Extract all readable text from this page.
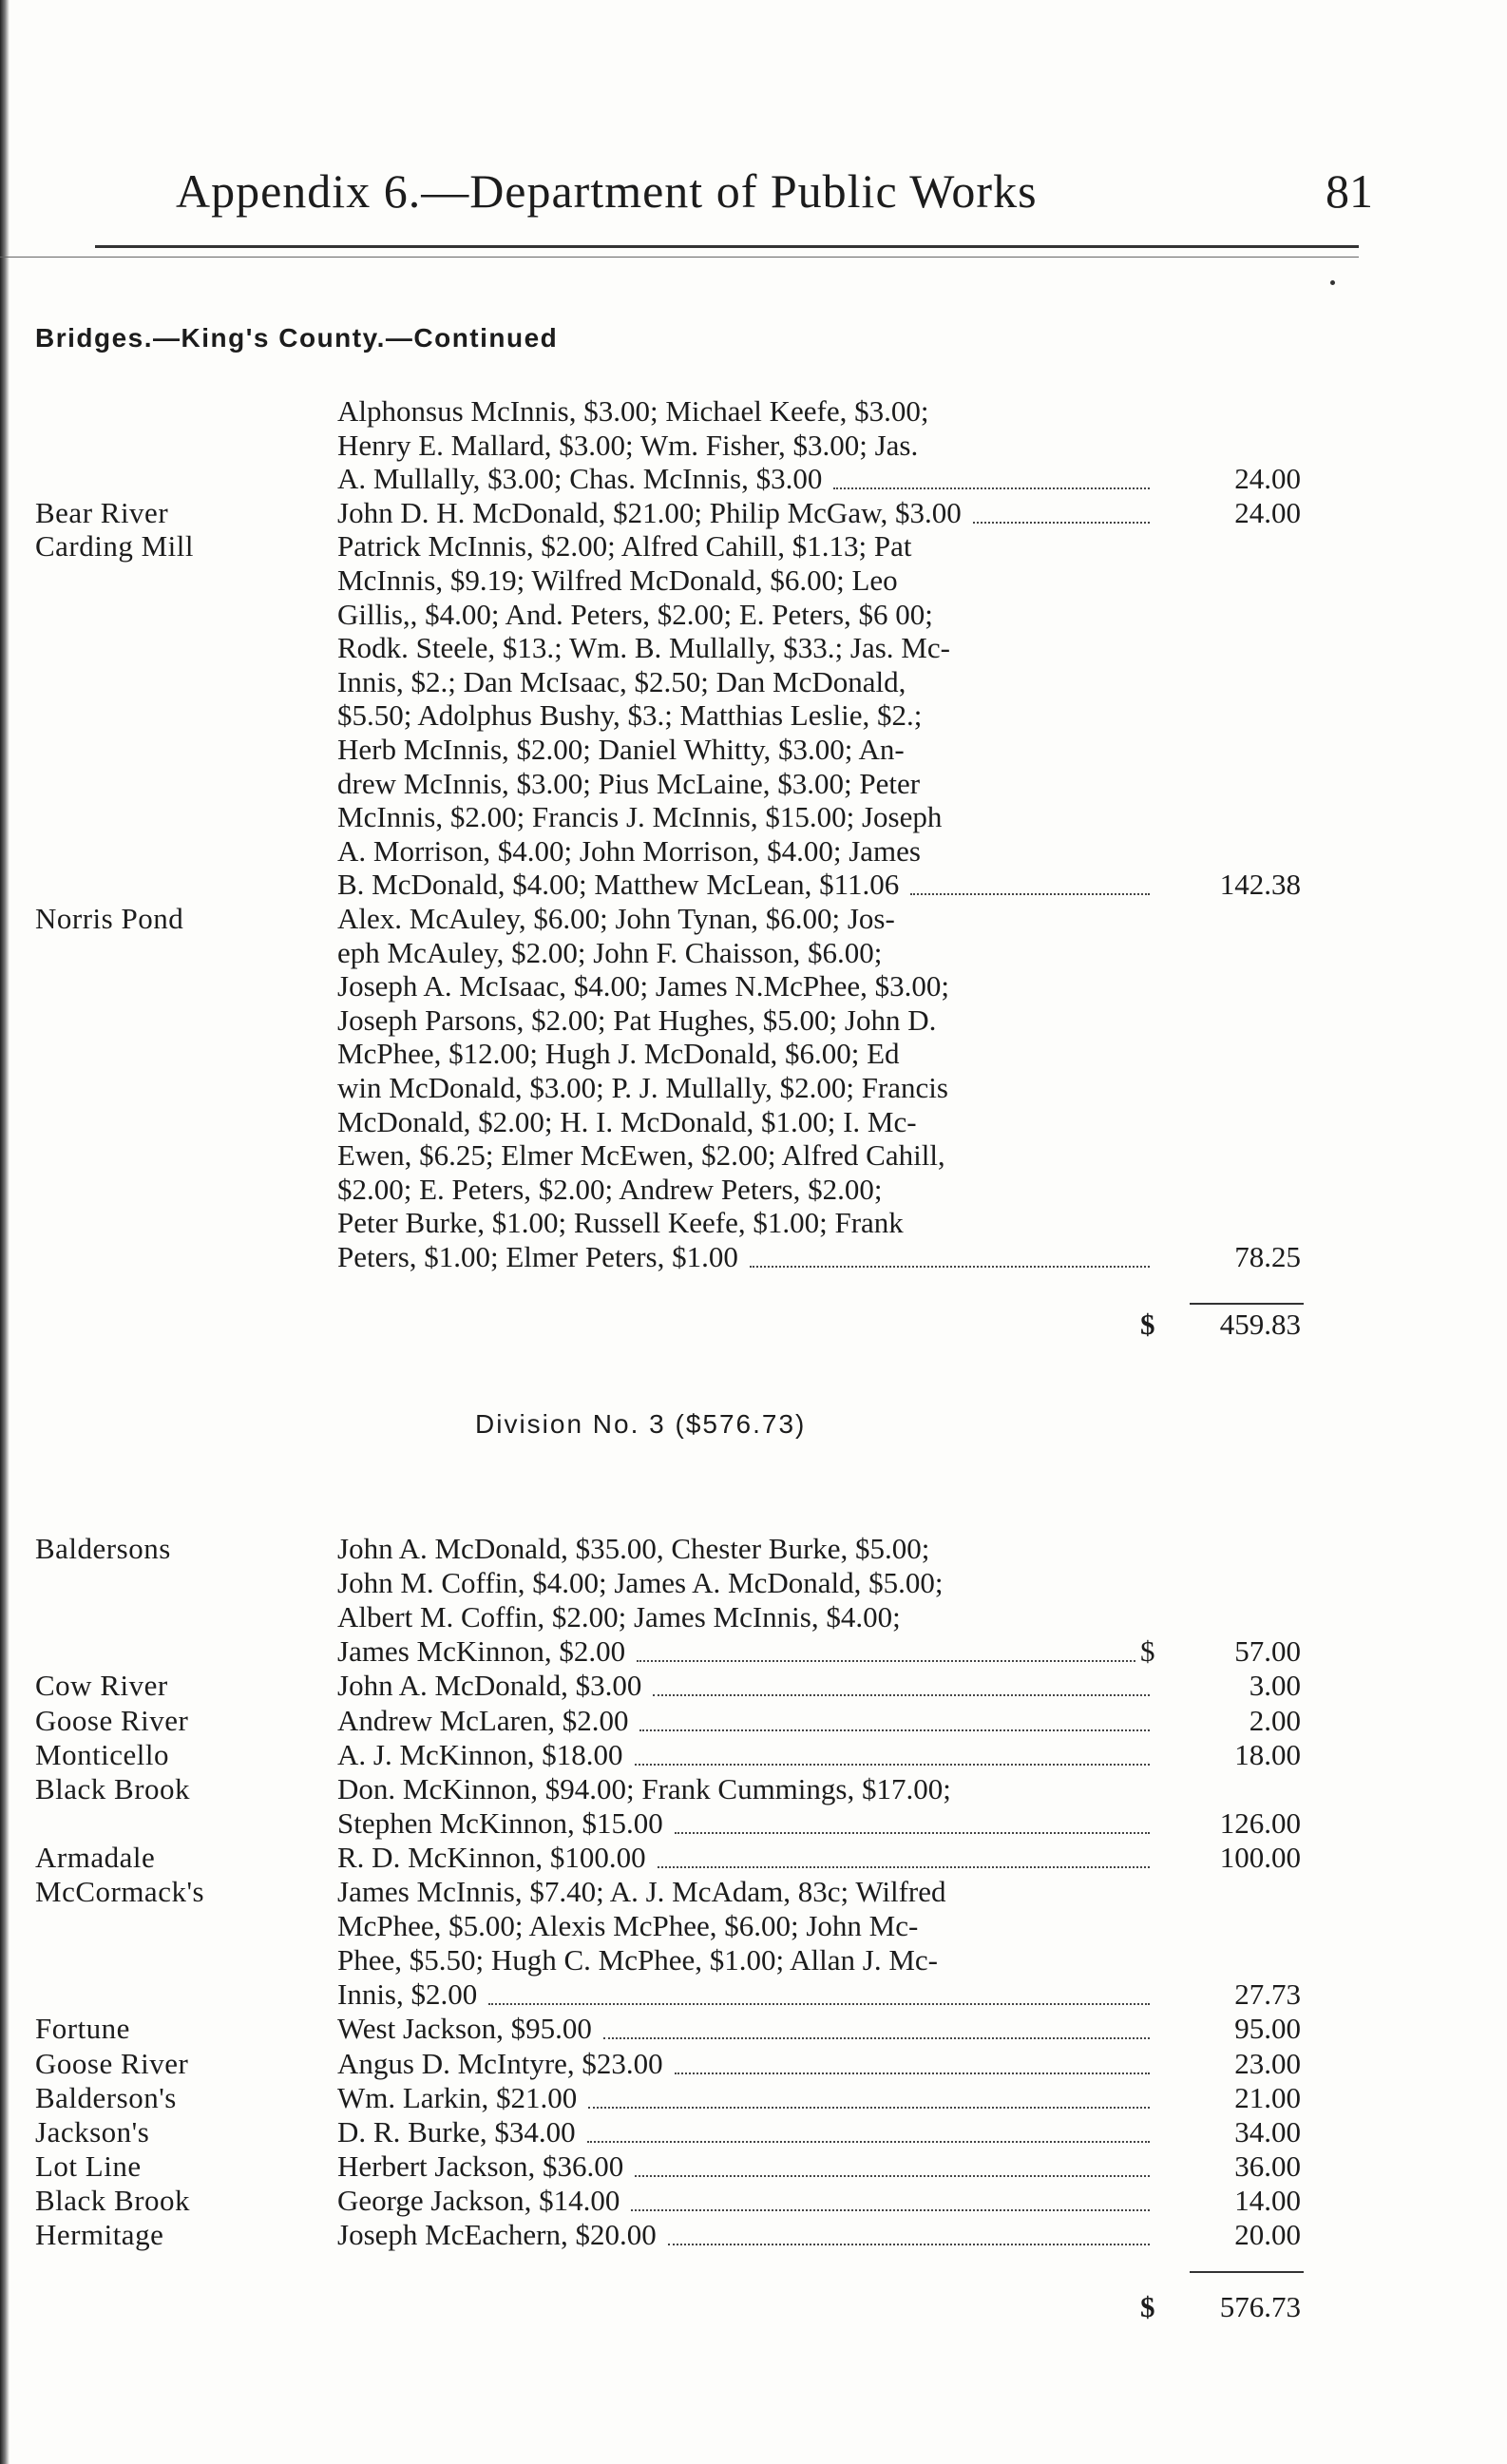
Appendix 6.—Department of Public Works	81
Bridges.—King's County.—Continued
Alphonsus McInnis, $3.00; Michael Keefe, $3.00;
Henry E. Mallard, $3.00; Wm. Fisher, $3.00; Jas.
A. Mullally, $3.00; Chas. McInnis, $3.00	24.00
Bear River	John D. H. McDonald, $21.00; Philip McGaw, $3.00	24.00
Carding Mill	Patrick McInnis, $2.00; Alfred Cahill, $1.13; Pat
McInnis, $9.19; Wilfred McDonald, $6.00; Leo
Gillis,, $4.00; And. Peters, $2.00; E. Peters, $6 00;
Rodk. Steele, $13.; Wm. B. Mullally, $33.; Jas. Mc-
Innis, $2.; Dan McIsaac, $2.50; Dan McDonald,
$5.50; Adolphus Bushy, $3.; Matthias Leslie, $2.;
Herb McInnis, $2.00; Daniel Whitty, $3.00; An-
drew McInnis, $3.00; Pius McLaine, $3.00; Peter
McInnis, $2.00; Francis J. McInnis, $15.00; Joseph
A. Morrison, $4.00; John Morrison, $4.00; James
B. McDonald, $4.00; Matthew McLean, $11.06	142.38
Norris Pond	Alex. McAuley, $6.00; John Tynan, $6.00; Jos-
eph McAuley, $2.00; John F. Chaisson, $6.00;
Joseph A. McIsaac, $4.00; James N.McPhee, $3.00;
Joseph Parsons, $2.00; Pat Hughes, $5.00; John D.
McPhee, $12.00; Hugh J. McDonald, $6.00; Ed
win McDonald, $3.00; P. J. Mullally, $2.00; Francis
McDonald, $2.00; H. I. McDonald, $1.00; I. Mc-
Ewen, $6.25; Elmer McEwen, $2.00; Alfred Cahill,
$2.00; E. Peters, $2.00; Andrew Peters, $2.00;
Peter Burke, $1.00; Russell Keefe, $1.00; Frank
Peters, $1.00; Elmer Peters, $1.00	78.25
$ 459.83
Division No. 3 ($576.73)
Baldersons	John A. McDonald, $35.00, Chester Burke, $5.00;
John M. Coffin, $4.00; James A. McDonald, $5.00;
Albert M. Coffin, $2.00; James McInnis, $4.00;
James McKinnon, $2.00	$	57.00
Cow River	John A. McDonald, $3.00	3.00
Goose River	Andrew McLaren, $2.00	2.00
Monticello	A. J. McKinnon, $18.00	18.00
Black Brook	Don. McKinnon, $94.00; Frank Cummings, $17.00;
Stephen McKinnon, $15.00	126.00
Armadale	R. D. McKinnon, $100.00	100.00
McCormack's	James McInnis, $7.40; A. J. McAdam, 83c; Wilfred
McPhee, $5.00; Alexis McPhee, $6.00; John Mc-
Phee, $5.50; Hugh C. McPhee, $1.00; Allan J. Mc-
Innis, $2.00	27.73
Fortune	West Jackson, $95.00	95.00
Goose River	Angus D. McIntyre, $23.00	23.00
Balderson's	Wm. Larkin, $21.00	21.00
Jackson's	D. R. Burke, $34.00	34.00
Lot Line	Herbert Jackson, $36.00	36.00
Black Brook	George Jackson, $14.00	14.00
Hermitage	Joseph McEachern, $20.00	20.00
$ 576.73
